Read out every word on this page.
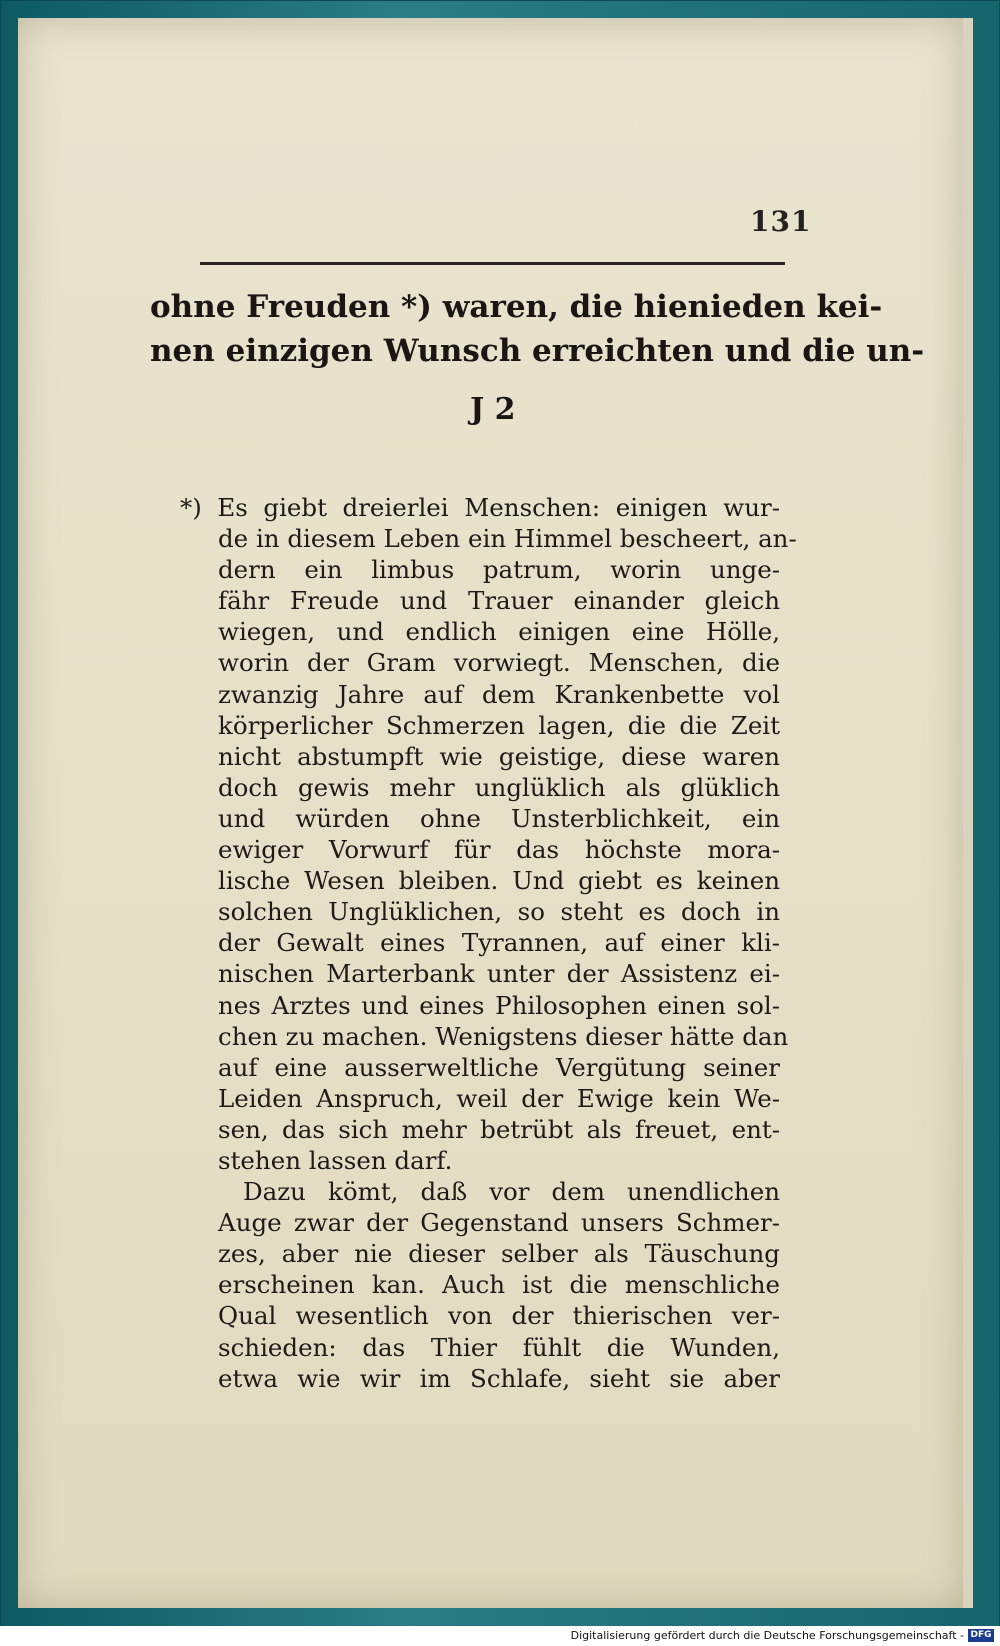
131
ohne Freuden *) waren, die hienieden kei-
nen einzigen Wunsch erreichten und die un-
J 2
*) Es giebt dreierlei Menschen: einigen wur-
de in diesem Leben ein Himmel bescheert, an-
dern ein limbus patrum, worin unge-
fähr Freude und Trauer einander gleich
wiegen, und endlich einigen eine Hölle,
worin der Gram vorwiegt. Menschen, die
zwanzig Jahre auf dem Krankenbette vol
körperlicher Schmerzen lagen, die die Zeit
nicht abstumpft wie geistige, diese waren
doch gewis mehr unglüklich als glüklich
und würden ohne Unsterblichkeit, ein
ewiger Vorwurf für das höchste mora-
lische Wesen bleiben. Und giebt es keinen
solchen Unglüklichen, so steht es doch in
der Gewalt eines Tyrannen, auf einer kli-
nischen Marterbank unter der Assistenz ei-
nes Arztes und eines Philosophen einen sol-
chen zu machen. Wenigstens dieser hätte dan
auf eine ausserweltliche Vergütung seiner
Leiden Anspruch, weil der Ewige kein We-
sen, das sich mehr betrübt als freuet, ent-
stehen lassen darf.
Dazu kömt, daß vor dem unendlichen
Auge zwar der Gegenstand unsers Schmer-
zes, aber nie dieser selber als Täuschung
erscheinen kan. Auch ist die menschliche
Qual wesentlich von der thierischen ver-
schieden: das Thier fühlt die Wunden,
etwa wie wir im Schlafe, sieht sie aber
Digitalisierung gefördert durch die Deutsche Forschungsgemeinschaft - DFG
